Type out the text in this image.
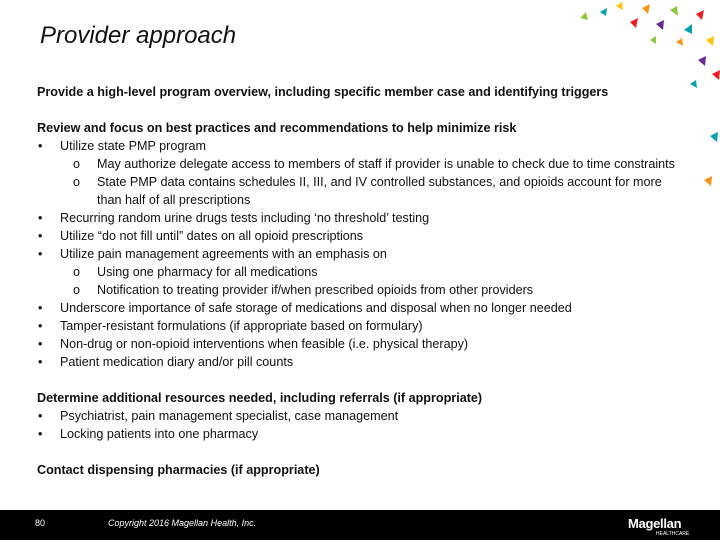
Provider approach
Provide a high-level program overview, including specific member case and identifying triggers
Review and focus on best practices and recommendations to help minimize risk
• Utilize state PMP program
o May authorize delegate access to members of staff if provider is unable to check due to time constraints
o State PMP data contains schedules II, III, and IV controlled substances, and opioids account for more than half of all prescriptions
• Recurring random urine drugs tests including ‘no threshold’ testing
• Utilize “do not fill until” dates on all opioid prescriptions
• Utilize pain management agreements with an emphasis on
o Using one pharmacy for all medications
o Notification to treating provider if/when prescribed opioids from other providers
• Underscore importance of safe storage of medications and disposal when no longer needed
• Tamper-resistant formulations (if appropriate based on formulary)
• Non-drug or non-opioid interventions when feasible (i.e. physical therapy)
• Patient medication diary and/or pill counts
Determine additional resources needed, including referrals (if appropriate)
• Psychiatrist, pain management specialist, case management
• Locking patients into one pharmacy
Contact dispensing pharmacies (if appropriate)
80	Copyright 2016 Magellan Health, Inc.	Magellan
HEALTHCARE
